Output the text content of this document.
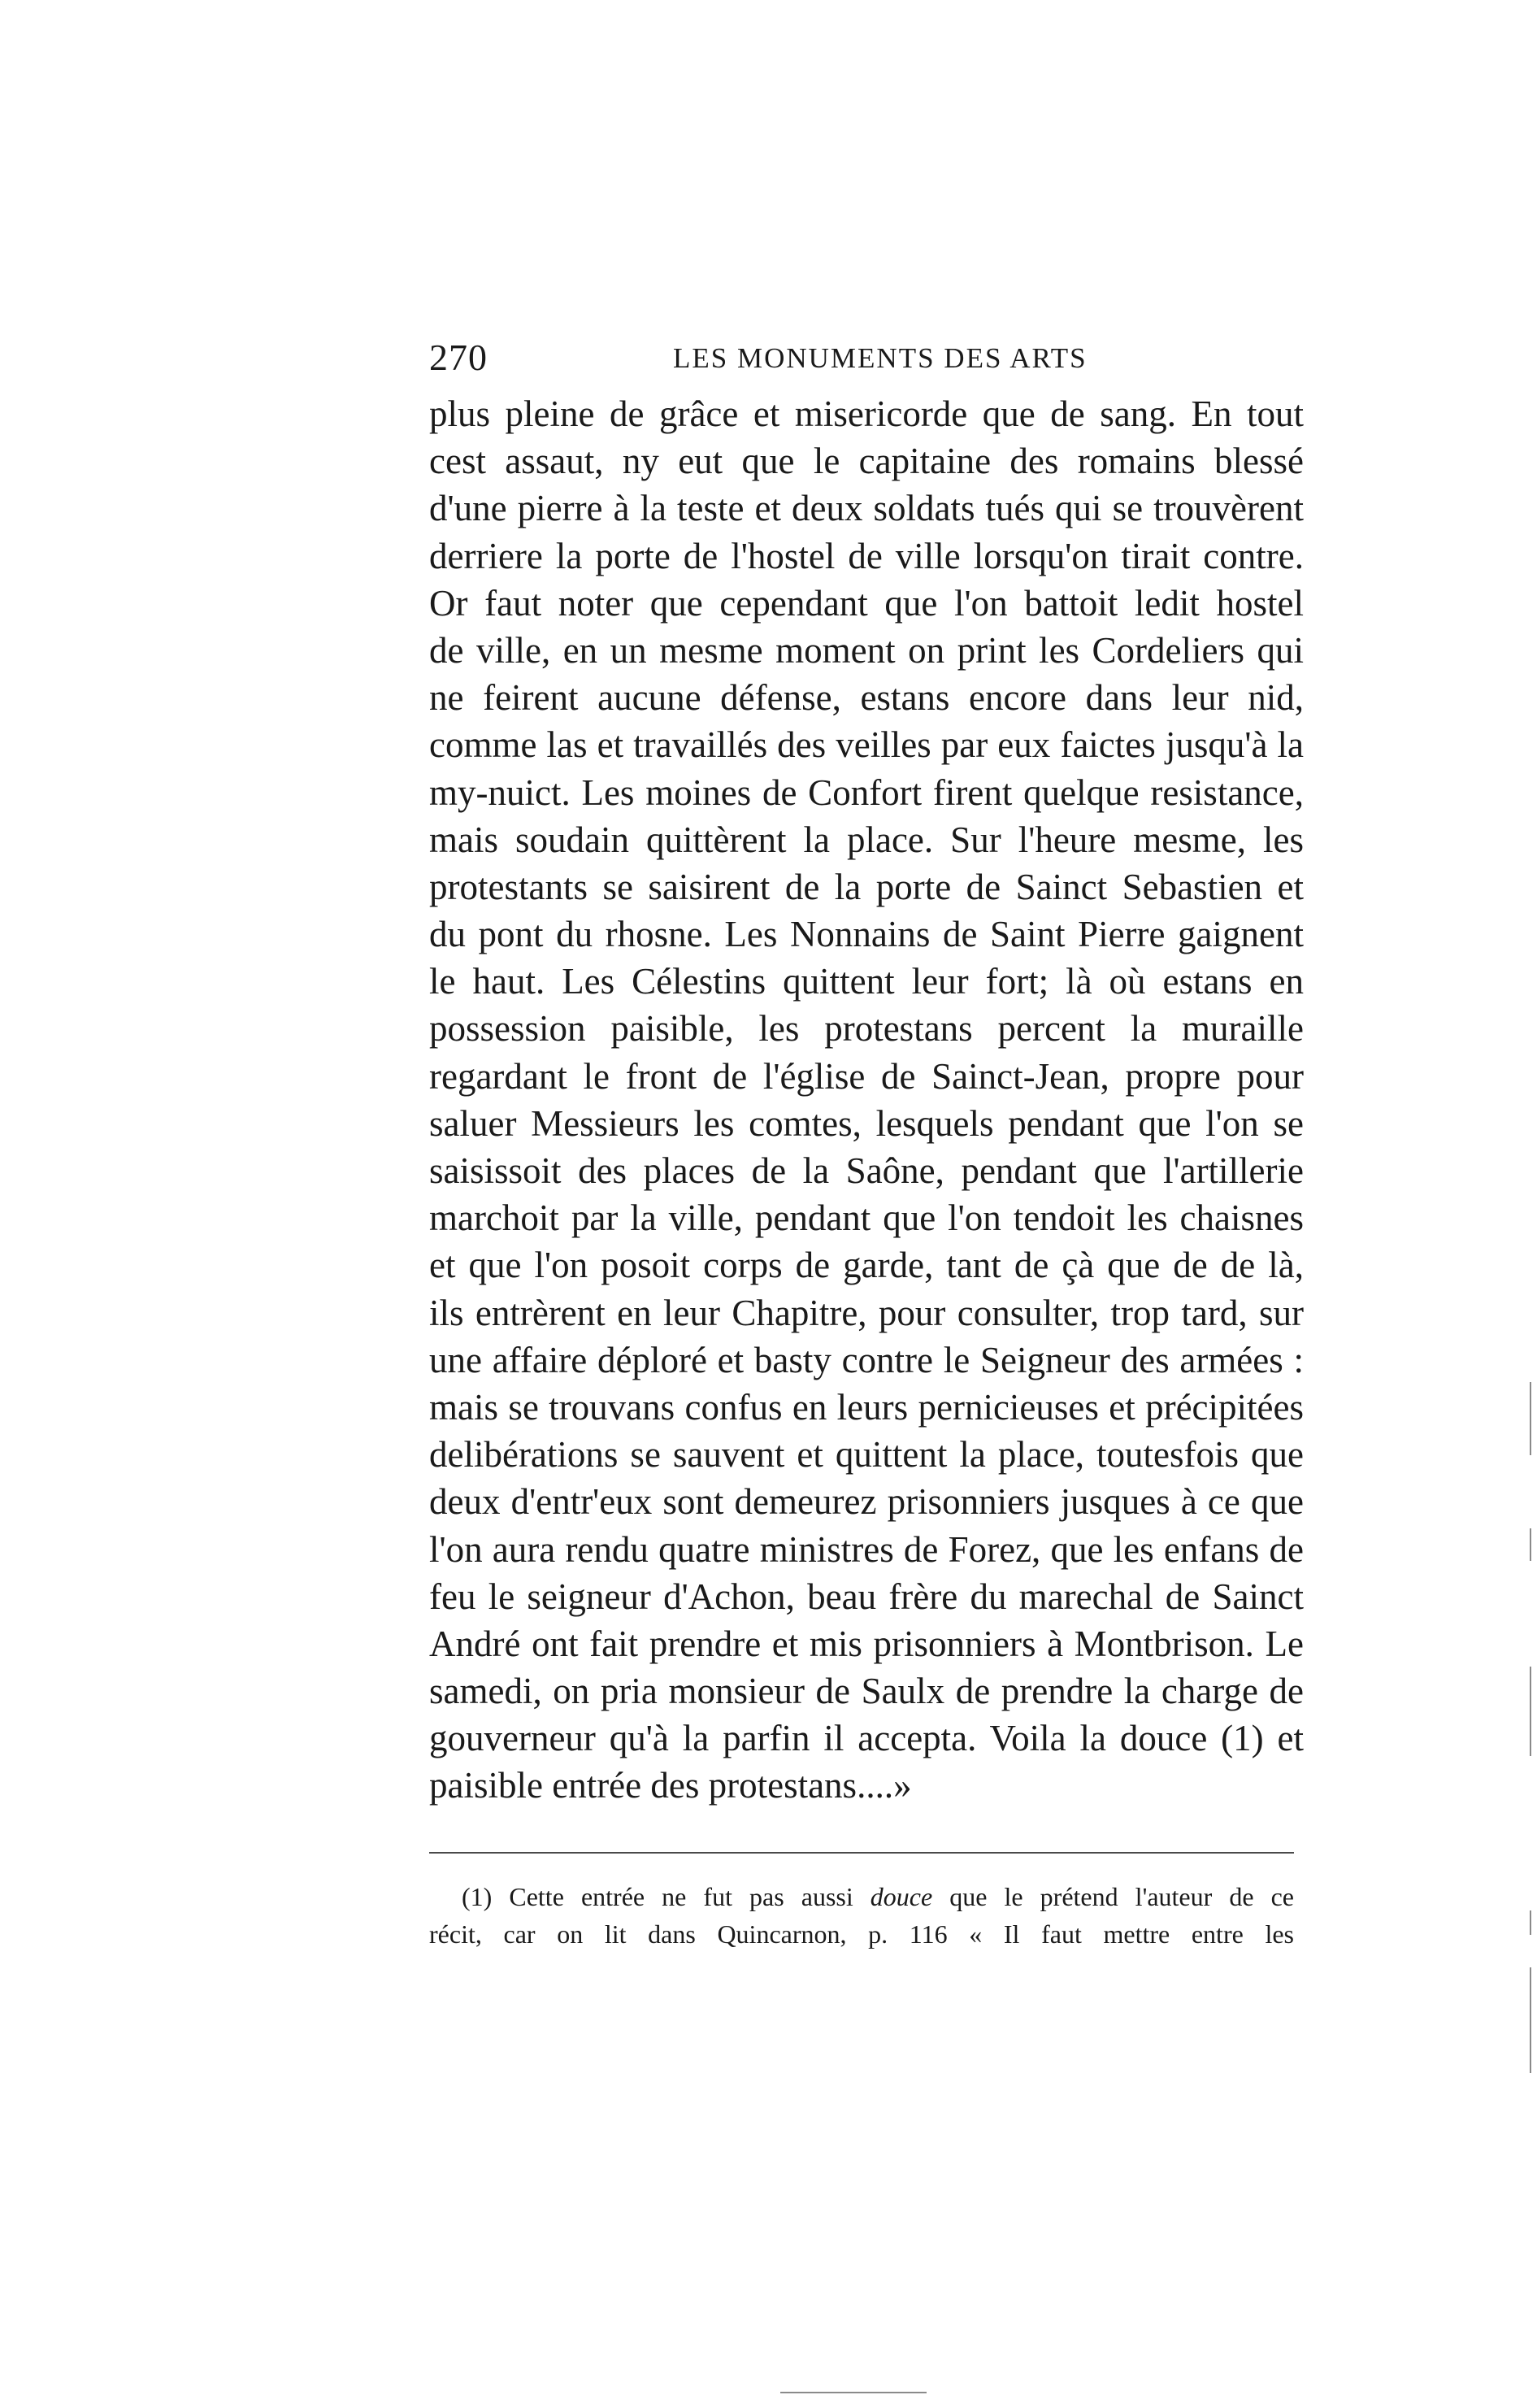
270	LES MONUMENTS DES ARTS

plus pleine de grâce et misericorde que de sang. En tout
cest assaut, ny eut que le capitaine des romains blessé
d'une pierre à la teste et deux soldats tués qui se trouvèrent
derriere la porte de l'hostel de ville lorsqu'on tirait contre.
Or faut noter que cependant que l'on battoit ledit hostel
de ville, en un mesme moment on print les Cordeliers qui
ne feirent aucune défense, estans encore dans leur nid,
comme las et travaillés des veilles par eux faictes jusqu'à la
my-nuict. Les moines de Confort firent quelque resistance,
mais soudain quittèrent la place. Sur l'heure mesme, les
protestants se saisirent de la porte de Sainct Sebastien et
du pont du rhosne. Les Nonnains de Saint Pierre gaignent
le haut. Les Célestins quittent leur fort; là où estans en
possession paisible, les protestans percent la muraille
regardant le front de l'église de Sainct-Jean, propre pour
saluer Messieurs les comtes, lesquels pendant que l'on se
saisissoit des places de la Saône, pendant que l'artillerie
marchoit par la ville, pendant que l'on tendoit les chaisnes
et que l'on posoit corps de garde, tant de çà que de de là,
ils entrèrent en leur Chapitre, pour consulter, trop tard, sur
une affaire déploré et basty contre le Seigneur des armées :
mais se trouvans confus en leurs pernicieuses et précipitées
delibérations se sauvent et quittent la place, toutesfois que
deux d'entr'eux sont demeurez prisonniers jusques à ce que
l'on aura rendu quatre ministres de Forez, que les enfans de
feu le seigneur d'Achon, beau frère du marechal de Sainct
André ont fait prendre et mis prisonniers à Montbrison. Le
samedi, on pria monsieur de Saulx de prendre la charge de
gouverneur qu'à la parfin il accepta. Voila la douce (1) et
paisible entrée des protestans....»

(1) Cette entrée ne fut pas aussi douce que le prétend l'auteur de ce
récit, car on lit dans Quincarnon, p. 116 « Il faut mettre entre les
